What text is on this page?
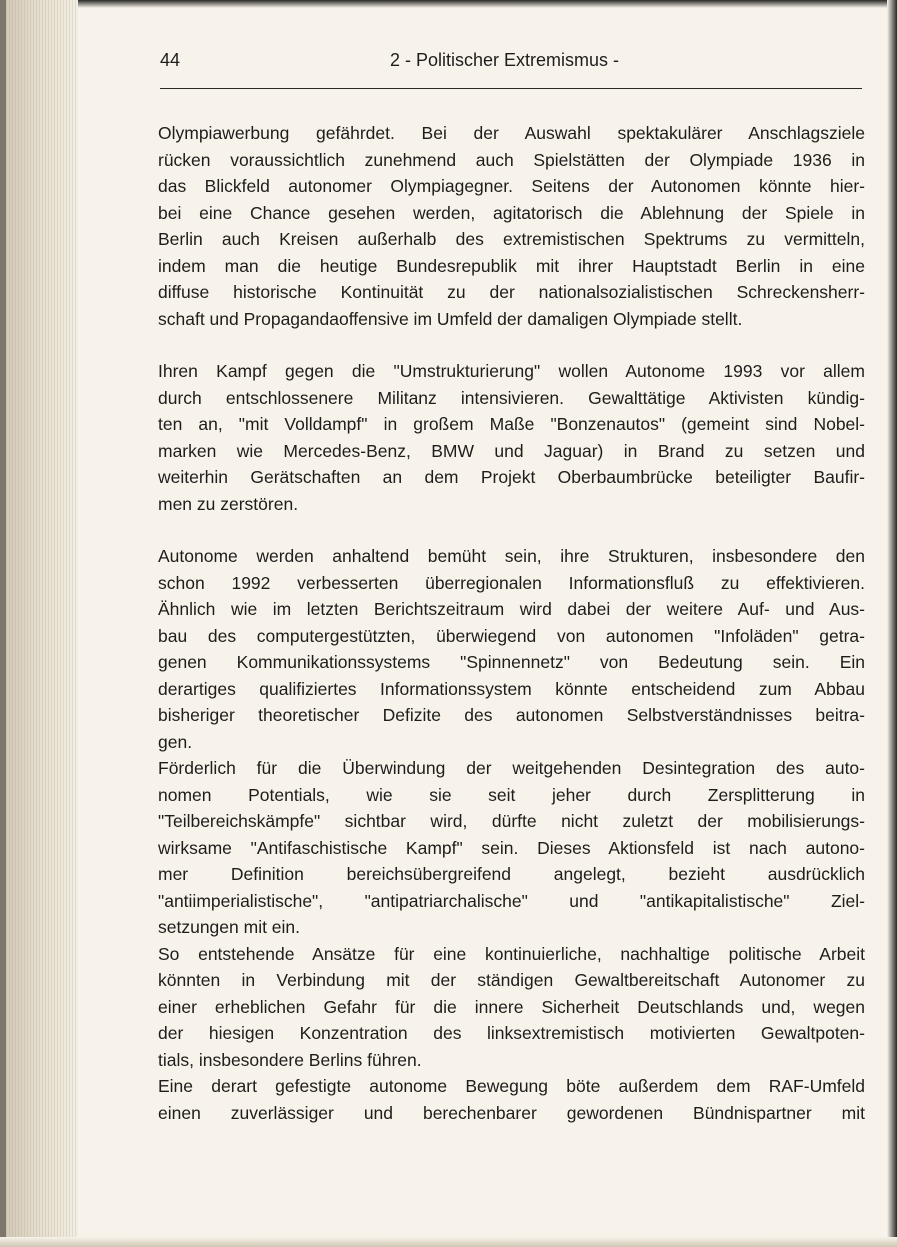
44	2 - Politischer Extremismus -

Olympiawerbung gefährdet. Bei der Auswahl spektakulärer Anschlagsziele
rücken voraussichtlich zunehmend auch Spielstätten der Olympiade 1936 in
das Blickfeld autonomer Olympiagegner. Seitens der Autonomen könnte hier-
bei eine Chance gesehen werden, agitatorisch die Ablehnung der Spiele in
Berlin auch Kreisen außerhalb des extremistischen Spektrums zu vermitteln,
indem man die heutige Bundesrepublik mit ihrer Hauptstadt Berlin in eine
diffuse historische Kontinuität zu der nationalsozialistischen Schreckensherr-
schaft und Propagandaoffensive im Umfeld der damaligen Olympiade stellt.

Ihren Kampf gegen die "Umstrukturierung" wollen Autonome 1993 vor allem
durch entschlossenere Militanz intensivieren. Gewalttätige Aktivisten kündig-
ten an, "mit Volldampf" in großem Maße "Bonzenautos" (gemeint sind Nobel-
marken wie Mercedes-Benz, BMW und Jaguar) in Brand zu setzen und
weiterhin Gerätschaften an dem Projekt Oberbaumbrücke beteiligter Baufir-
men zu zerstören.

Autonome werden anhaltend bemüht sein, ihre Strukturen, insbesondere den
schon 1992 verbesserten überregionalen Informationsfluß zu effektivieren.
Ähnlich wie im letzten Berichtszeitraum wird dabei der weitere Auf- und Aus-
bau des computergestützten, überwiegend von autonomen "Infoläden" getra-
genen Kommunikationssystems "Spinnennetz" von Bedeutung sein. Ein
derartiges qualifiziertes Informationssystem könnte entscheidend zum Abbau
bisheriger theoretischer Defizite des autonomen Selbstverständnisses beitra-
gen.

Förderlich für die Überwindung der weitgehenden Desintegration des auto-
nomen Potentials, wie sie seit jeher durch Zersplitterung in
"Teilbereichskämpfe" sichtbar wird, dürfte nicht zuletzt der mobilisierungs-
wirksame "Antifaschistische Kampf" sein. Dieses Aktionsfeld ist nach autono-
mer Definition bereichsübergreifend angelegt, bezieht ausdrücklich
"antiimperialistische", "antipatriarchalische" und "antikapitalistische" Ziel-
setzungen mit ein.

So entstehende Ansätze für eine kontinuierliche, nachhaltige politische Arbeit
könnten in Verbindung mit der ständigen Gewaltbereitschaft Autonomer zu
einer erheblichen Gefahr für die innere Sicherheit Deutschlands und, wegen
der hiesigen Konzentration des linksextremistisch motivierten Gewaltpoten-
tials, insbesondere Berlins führen.

Eine derart gefestigte autonome Bewegung böte außerdem dem RAF-Umfeld
einen zuverlässiger und berechenbarer gewordenen Bündnispartner mit
